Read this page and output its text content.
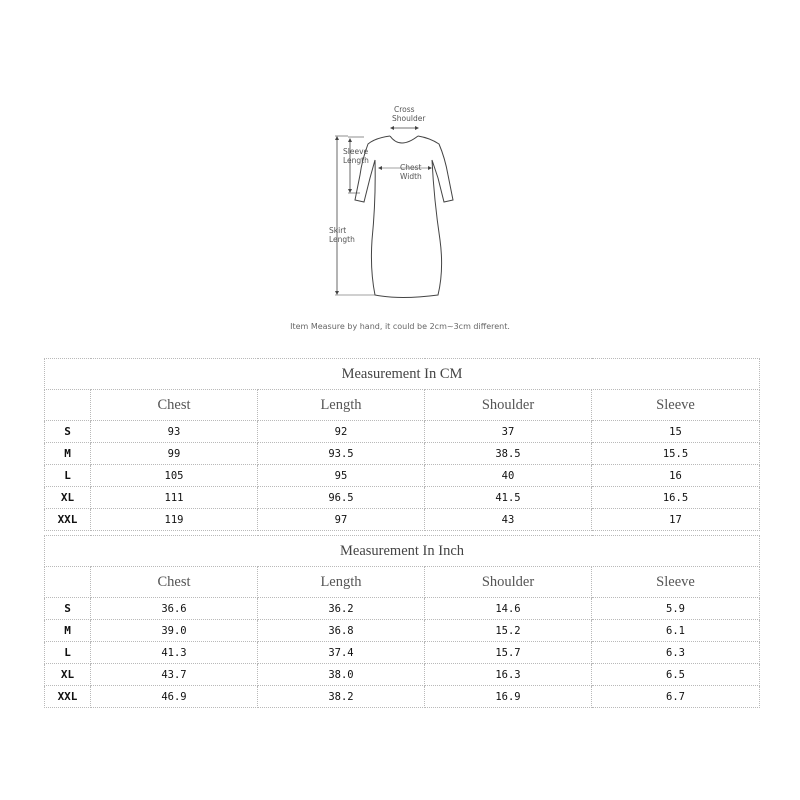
Cross
Shoulder
Sleeve
Length
Chest
Width
Skirt
Length
Item Measure by hand, it could be 2cm~3cm different.
Measurement In CM				
	Chest	Length	Shoulder	Sleeve
S	93	92	37	15
M	99	93.5	38.5	15.5
L	105	95	40	16
XL	111	96.5	41.5	16.5
XXL	119	97	43	17
Measurement In Inch				
	Chest	Length	Shoulder	Sleeve
S	36.6	36.2	14.6	5.9
M	39.0	36.8	15.2	6.1
L	41.3	37.4	15.7	6.3
XL	43.7	38.0	16.3	6.5
XXL	46.9	38.2	16.9	6.7
